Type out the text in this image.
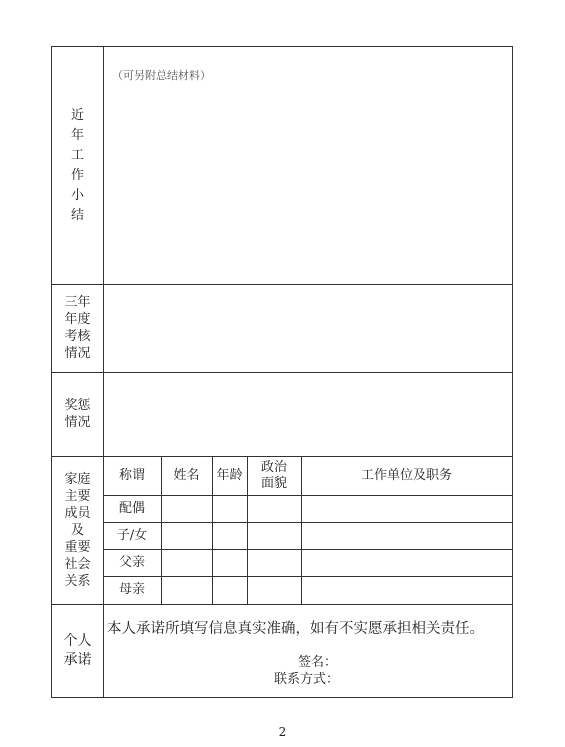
近
年
工
作
小
结
（可另附总结材料）
三年
年度
考核
情况
奖惩
情况
家庭
主要
成员
及
重要
社会
关系
称谓	姓名	年龄
政治
面貌
工作单位及职务
配偶
子/女
父亲
母亲
个人
承诺
本人承诺所填写信息真实准确，如有不实愿承担相关责任。
签名：
联系方式：
2
